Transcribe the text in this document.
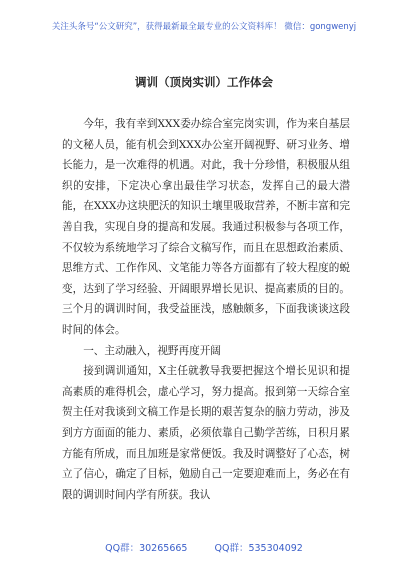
关注头条号“公文研究”，获得最新最全最专业的公文资料库！ 微信：gongwenyj
调训（顶岗实训）工作体会

今年，我有幸到XXX委办综合室完岗实训，作为来自基层的文秘人员，能有机会到XXX办公室开阔视野、研习业务、增长能力，是一次难得的机遇。对此，我十分珍惜，积极服从组织的安排，下定决心拿出最佳学习状态，发挥自己的最大潜能，在XXX办这块肥沃的知识土壤里吸取营养，不断丰富和完善自我，实现自身的提高和发展。我通过积极参与各项工作，不仅较为系统地学习了综合文稿写作，而且在思想政治素质、思维方式、工作作风、文笔能力等各方面都有了较大程度的蜕变，达到了学习经验、开阔眼界增长见识、提高素质的目的。三个月的调训时间，我受益匪浅，感触颇多，下面我谈谈这段时间的体会。

一、主动融入，视野再度开阔

接到调训通知，X主任就教导我要把握这个增长见识和提高素质的难得机会，虚心学习，努力提高。报到第一天综合室贺主任对我谈到文稿工作是长期的艰苦复杂的脑力劳动，涉及到方方面面的能力、素质，必须依靠自己勤学苦练，日积月累方能有所成，而且加班是家常便饭。我及时调整好了心态，树立了信心，确定了目标，勉励自己一定要迎难而上，务必在有限的调训时间内学有所获。我认

QQ群：30265665	QQ群：535304092
